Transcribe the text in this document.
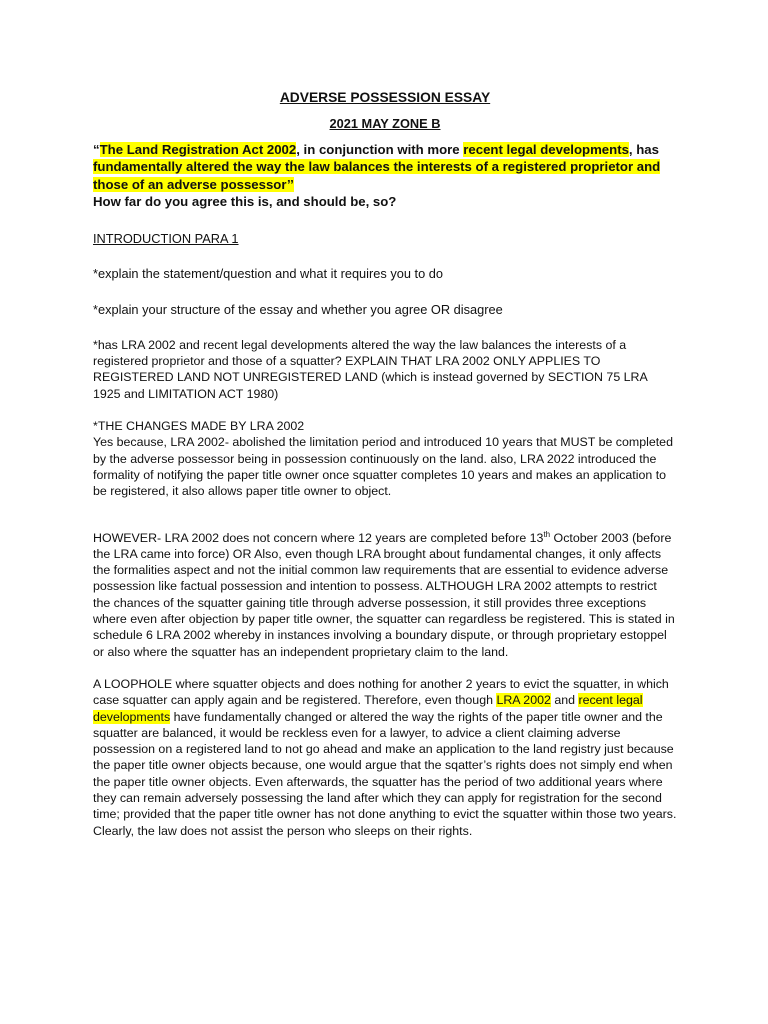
ADVERSE POSSESSION ESSAY
2021 MAY ZONE B

“The Land Registration Act 2002, in conjunction with more recent legal developments, has fundamentally altered the way the law balances the interests of a registered proprietor and those of an adverse possessor’’

How far do you agree this is, and should be, so?

INTRODUCTION PARA 1

*explain the statement/question and what it requires you to do

*explain your structure of the essay and whether you agree OR disagree

*has LRA 2002 and recent legal developments altered the way the law balances the interests of a registered proprietor and those of a squatter? EXPLAIN THAT LRA 2002 ONLY APPLIES TO REGISTERED LAND NOT UNREGISTERED LAND (which is instead governed by SECTION 75 LRA 1925 and LIMITATION ACT 1980)

*THE CHANGES MADE BY LRA 2002

Yes because, LRA 2002- abolished the limitation period and introduced 10 years that MUST be completed by the adverse possessor being in possession continuously on the land. also, LRA 2022 introduced the formality of notifying the paper title owner once squatter completes 10 years and makes an application to be registered, it also allows paper title owner to object.

HOWEVER- LRA 2002 does not concern where 12 years are completed before 13th October 2003 (before the LRA came into force) OR Also, even though LRA brought about fundamental changes, it only affects the formalities aspect and not the initial common law requirements that are essential to evidence adverse possession like factual possession and intention to possess. ALTHOUGH LRA 2002 attempts to restrict the chances of the squatter gaining title through adverse possession, it still provides three exceptions where even after objection by paper title owner, the squatter can regardless be registered. This is stated in schedule 6 LRA 2002 whereby in instances involving a boundary dispute, or through proprietary estoppel or also where the squatter has an independent proprietary claim to the land.

A LOOPHOLE where squatter objects and does nothing for another 2 years to evict the squatter, in which case squatter can apply again and be registered. Therefore, even though LRA 2002 and recent legal developments have fundamentally changed or altered the way the rights of the paper title owner and the squatter are balanced, it would be reckless even for a lawyer, to advice a client claiming adverse possession on a registered land to not go ahead and make an application to the land registry just because the paper title owner objects because, one would argue that the sqatter’s rights does not simply end when the paper title owner objects. Even afterwards, the squatter has the period of two additional years where they can remain adversely possessing the land after which they can apply for registration for the second time; provided that the paper title owner has not done anything to evict the squatter within those two years.

Clearly, the law does not assist the person who sleeps on their rights.
